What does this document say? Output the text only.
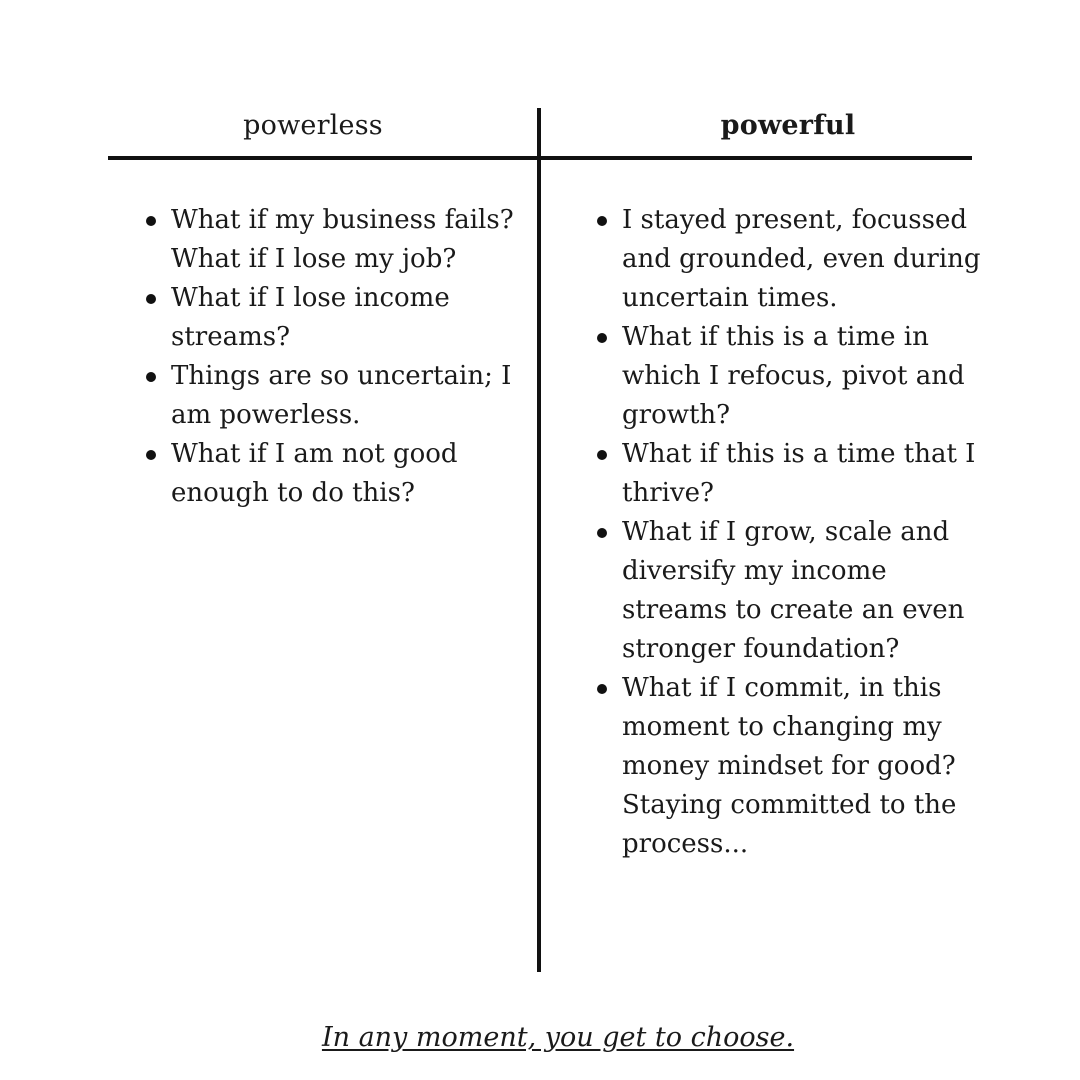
powerless	powerful
What if my business fails? What if I lose my job?
What if I lose income streams?
Things are so uncertain; I am powerless.
What if I am not good enough to do this?
I stayed present, focussed and grounded, even during uncertain times.
What if this is a time in which I refocus, pivot and growth?
What if this is a time that I thrive?
What if I grow, scale and diversify my income streams to create an even stronger foundation?
What if I commit, in this moment to changing my money mindset for good? Staying committed to the process...
In any moment, you get to choose.
